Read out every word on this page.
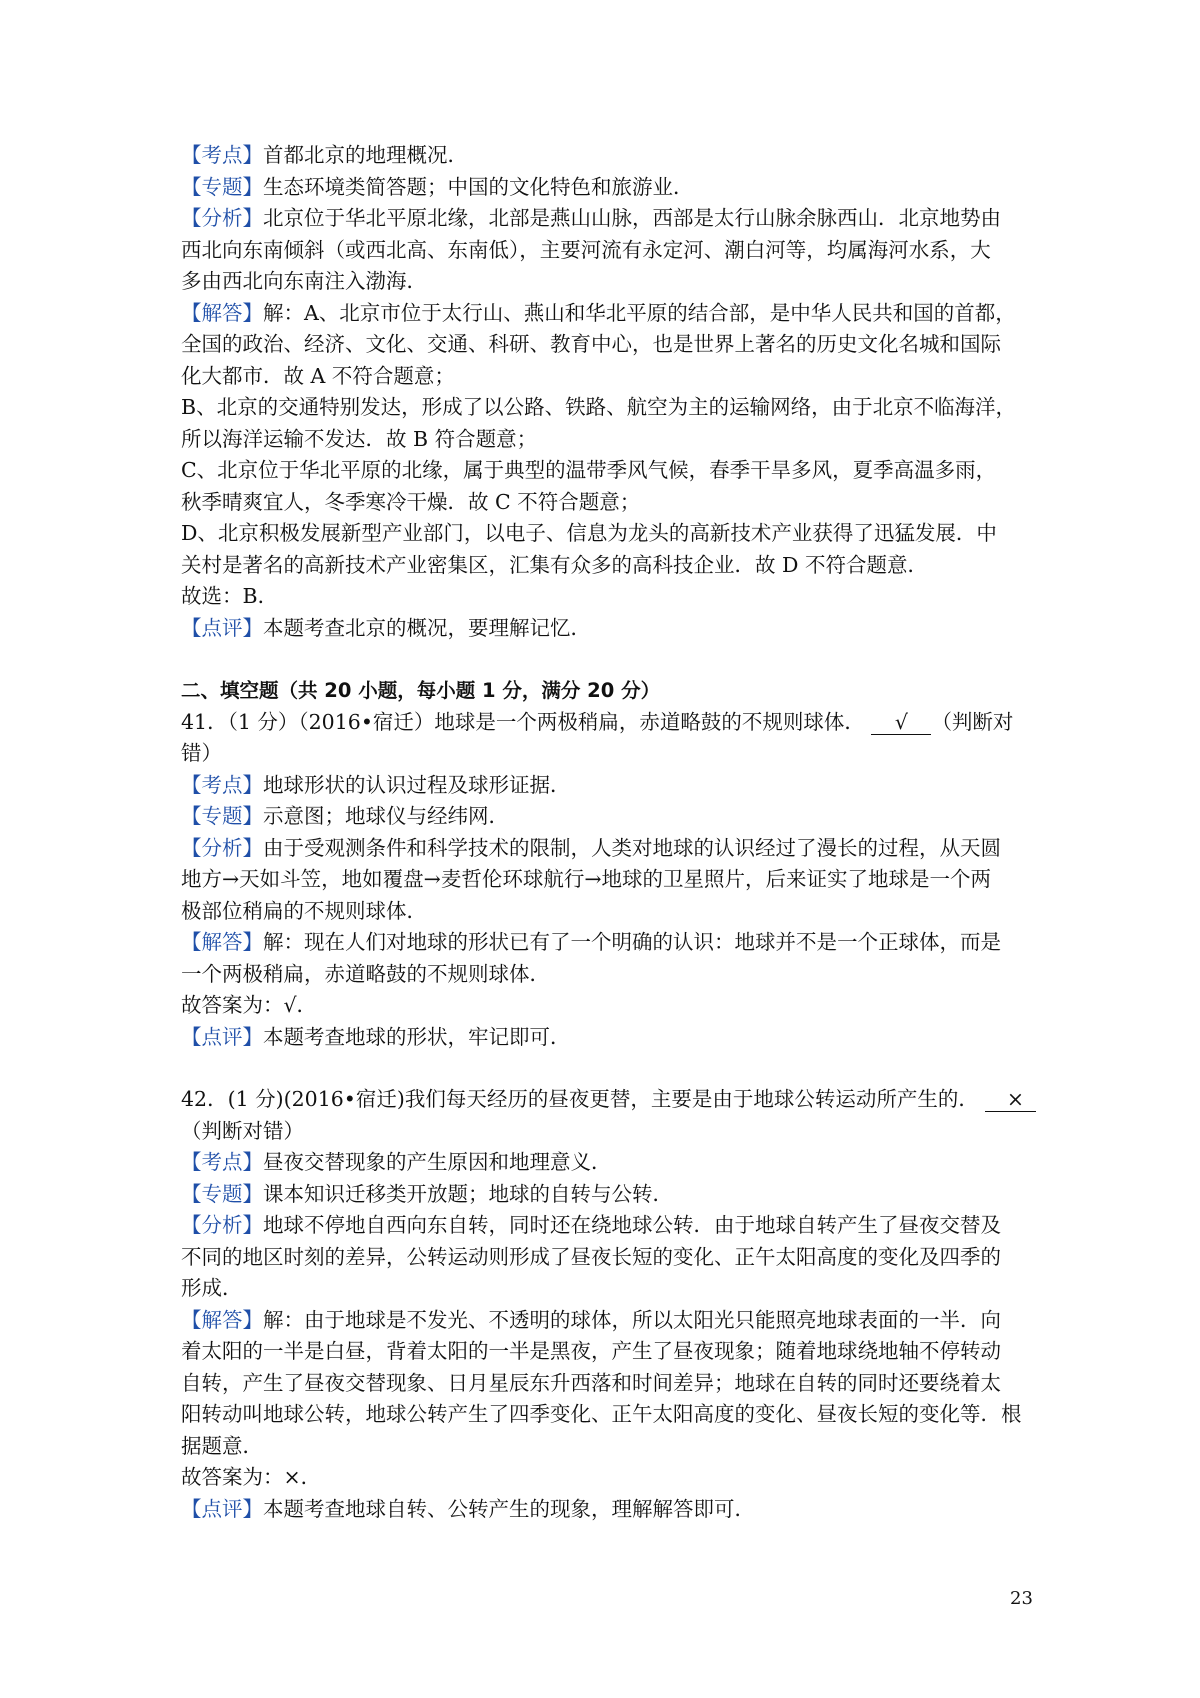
【考点】首都北京的地理概况．
【专题】生态环境类简答题；中国的文化特色和旅游业．
【分析】北京位于华北平原北缘，北部是燕山山脉，西部是太行山脉余脉西山．北京地势由
西北向东南倾斜（或西北高、东南低），主要河流有永定河、潮白河等，均属海河水系，大
多由西北向东南注入渤海．
【解答】解：A、北京市位于太行山、燕山和华北平原的结合部，是中华人民共和国的首都，
全国的政治、经济、文化、交通、科研、教育中心，也是世界上著名的历史文化名城和国际
化大都市．故 A 不符合题意；
B、北京的交通特别发达，形成了以公路、铁路、航空为主的运输网络，由于北京不临海洋，
所以海洋运输不发达．故 B 符合题意；
C、北京位于华北平原的北缘，属于典型的温带季风气候，春季干旱多风，夏季高温多雨，
秋季晴爽宜人，冬季寒冷干燥．故 C 不符合题意；
D、北京积极发展新型产业部门，以电子、信息为龙头的高新技术产业获得了迅猛发展．中
关村是著名的高新技术产业密集区，汇集有众多的高科技企业．故 D 不符合题意．
故选：B．
【点评】本题考查北京的概况，要理解记忆．
二、填空题（共 20 小题，每小题 1 分，满分 20 分）
41．（1 分）（2016•宿迁）地球是一个两极稍扁，赤道略鼓的不规则球体． √ （判断对
错）
【考点】地球形状的认识过程及球形证据．
【专题】示意图；地球仪与经纬网．
【分析】由于受观测条件和科学技术的限制，人类对地球的认识经过了漫长的过程，从天圆
地方→天如斗笠，地如覆盘→麦哲伦环球航行→地球的卫星照片，后来证实了地球是一个两
极部位稍扁的不规则球体．
【解答】解：现在人们对地球的形状已有了一个明确的认识：地球并不是一个正球体，而是
一个两极稍扁，赤道略鼓的不规则球体．
故答案为：√．
【点评】本题考查地球的形状，牢记即可．
42．(1 分)(2016•宿迁)我们每天经历的昼夜更替，主要是由于地球公转运动所产生的． ×
（判断对错）
【考点】昼夜交替现象的产生原因和地理意义．
【专题】课本知识迁移类开放题；地球的自转与公转．
【分析】地球不停地自西向东自转，同时还在绕地球公转．由于地球自转产生了昼夜交替及
不同的地区时刻的差异，公转运动则形成了昼夜长短的变化、正午太阳高度的变化及四季的
形成．
【解答】解：由于地球是不发光、不透明的球体，所以太阳光只能照亮地球表面的一半．向
着太阳的一半是白昼，背着太阳的一半是黑夜，产生了昼夜现象；随着地球绕地轴不停转动
自转，产生了昼夜交替现象、日月星辰东升西落和时间差异；地球在自转的同时还要绕着太
阳转动叫地球公转，地球公转产生了四季变化、正午太阳高度的变化、昼夜长短的变化等．根
据题意．
故答案为：×．
【点评】本题考查地球自转、公转产生的现象，理解解答即可．
23
